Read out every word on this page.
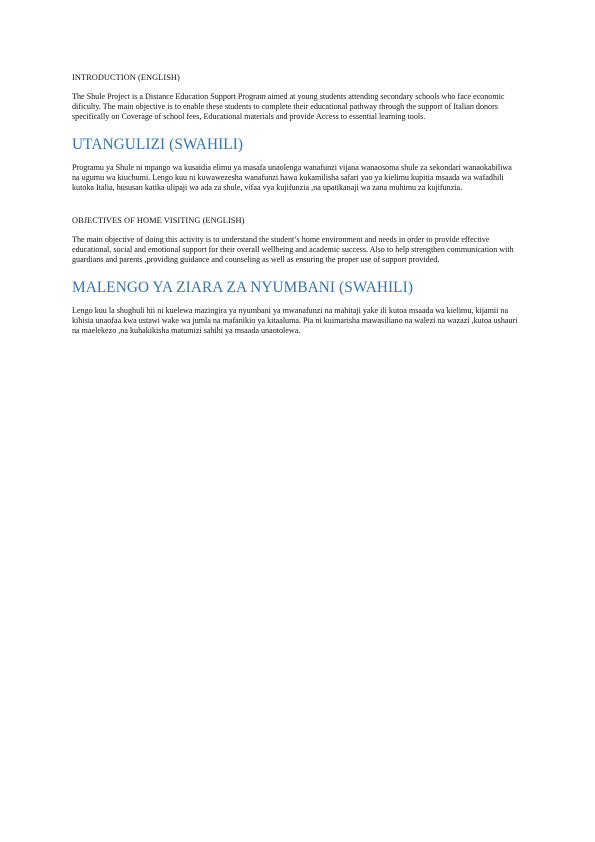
INTRODUCTION (ENGLISH)

The Shule Project is a Distance Education Support Program aimed at young students attending secondary schools who face economic dificulty. The main objective is to enable these students to complete their educational pathway through the support of Italian donors specifically on Coverage of school fees, Educational materials and provide Access to essential learning tools.

UTANGULIZI (SWAHILI)

Programu ya Shule ni mpango wa kusaidia elimu ya masafa unaolenga wanafunzi vijana wanaosoma shule za sekondari wanaokabiliwa na ugumu wa kiuchumi. Lengo kuu ni kuwawezesha wanafunzi hawa kukamilisha safari yao ya kielimu kupitia msaada wa wafadhili kutoka Italia, hususan katika ulipaji wa ada za shule, vifaa vya kujifunzia ,na upatikanaji wa zana muhimu za kujifunzia.

OBJECTIVES OF HOME VISITING (ENGLISH)

The main objective of doing this activity is to understand the student’s home environment and needs in order to provide effective educational, social and emotional support for their overall wellbeing and academic success. Also to help strengthen communication with guardians and parents ,providing guidance and counseling as well as ensuring the proper use of support provided.

MALENGO YA ZIARA ZA NYUMBANI (SWAHILI)

Lengo kuu la shughuli hii ni kuelewa mazingira ya nyumbani ya mwanafunzi na mahitaji yake ili kutoa msaada wa kielimu, kijamii na kihisia unaofaa kwa ustawi wake wa jumla na mafanikio ya kitaaluma. Pia ni kuimarisha mawasiliano na walezi na wazazi ,kutoa ushauri na maelekezo ,na kuhakikisha matumizi sahihi ya msaada unaotolewa.
